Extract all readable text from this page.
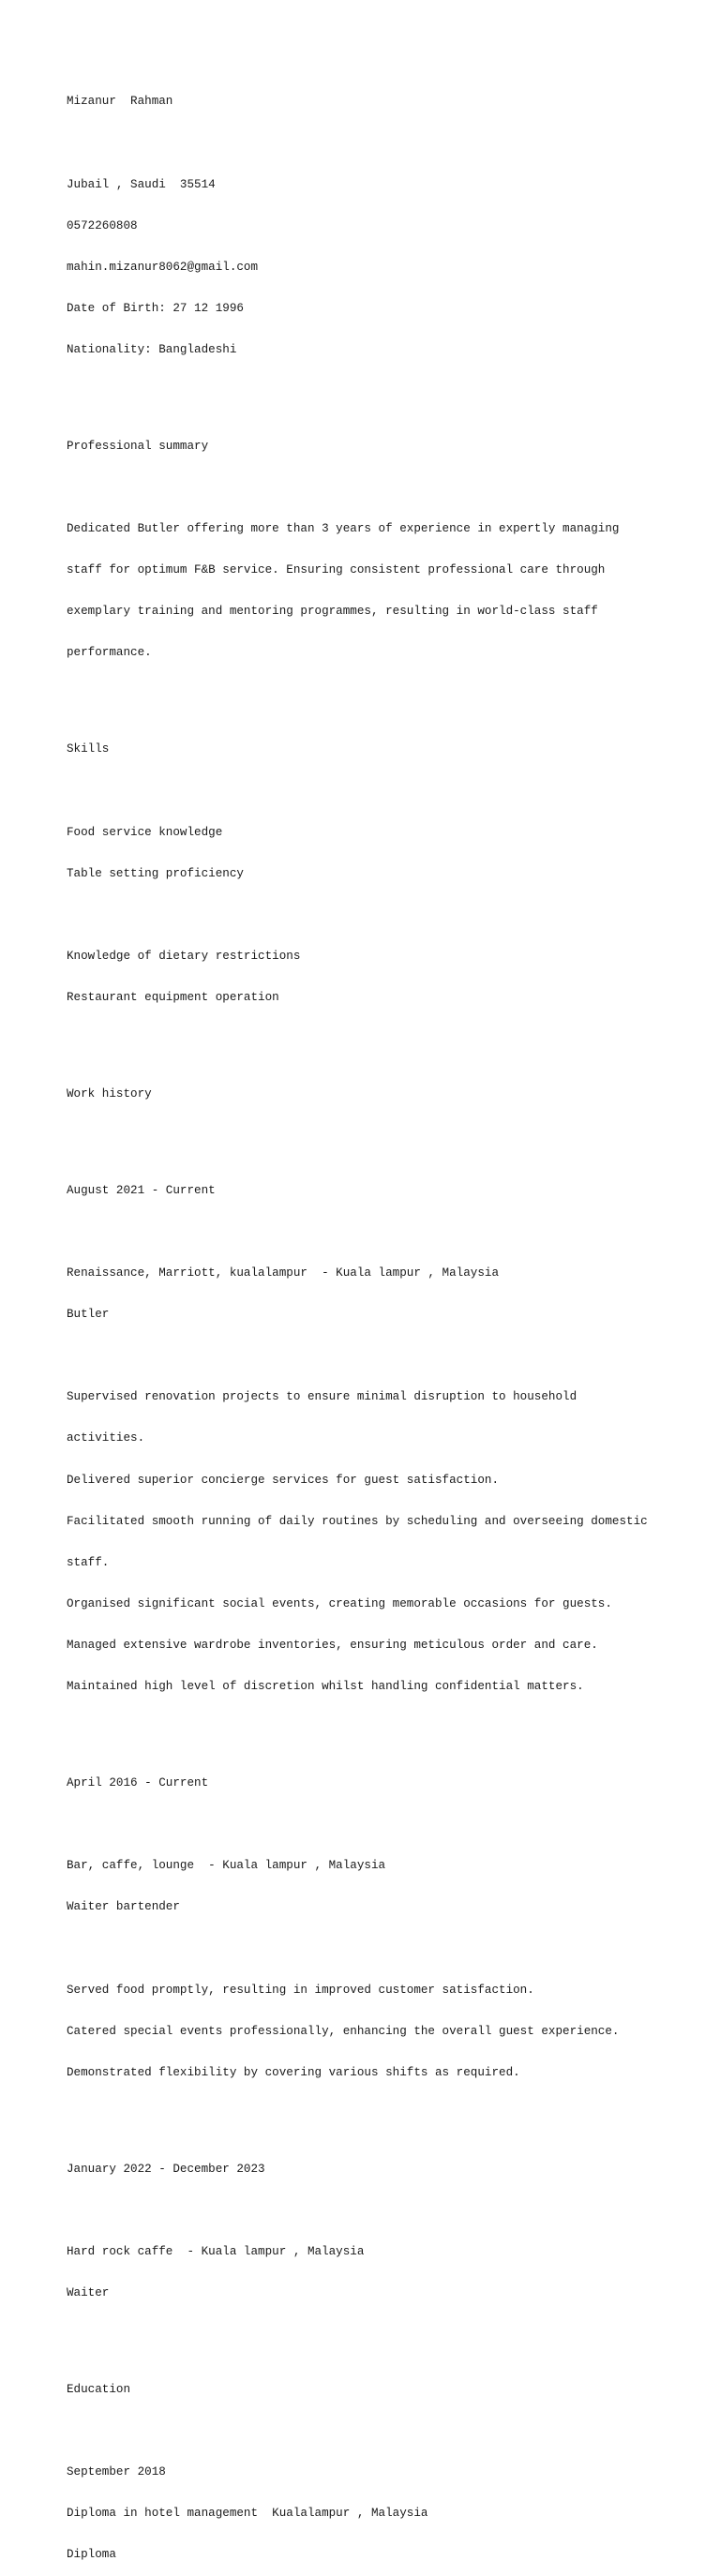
Mizanur  Rahman

Jubail , Saudi  35514

0572260808

mahin.mizanur8062@gmail.com

Date of Birth: 27 12 1996

Nationality: Bangladeshi

Professional summary

Dedicated Butler offering more than 3 years of experience in expertly managing

staff for optimum F&B service. Ensuring consistent professional care through

exemplary training and mentoring programmes, resulting in world-class staff

performance.

Skills

Food service knowledge

Table setting proficiency

Knowledge of dietary restrictions

Restaurant equipment operation

Work history

August 2021 - Current

Renaissance, Marriott, kualalampur  - Kuala lampur , Malaysia

Butler

Supervised renovation projects to ensure minimal disruption to household

activities.

Delivered superior concierge services for guest satisfaction.

Facilitated smooth running of daily routines by scheduling and overseeing domestic

staff.

Organised significant social events, creating memorable occasions for guests.

Managed extensive wardrobe inventories, ensuring meticulous order and care.

Maintained high level of discretion whilst handling confidential matters.

April 2016 - Current

Bar, caffe, lounge  - Kuala lampur , Malaysia

Waiter bartender

Served food promptly, resulting in improved customer satisfaction.

Catered special events professionally, enhancing the overall guest experience.

Demonstrated flexibility by covering various shifts as required.

January 2022 - December 2023

Hard rock caffe  - Kuala lampur , Malaysia

Waiter

Education

September 2018

Diploma in hotel management  Kualalampur , Malaysia

Diploma
